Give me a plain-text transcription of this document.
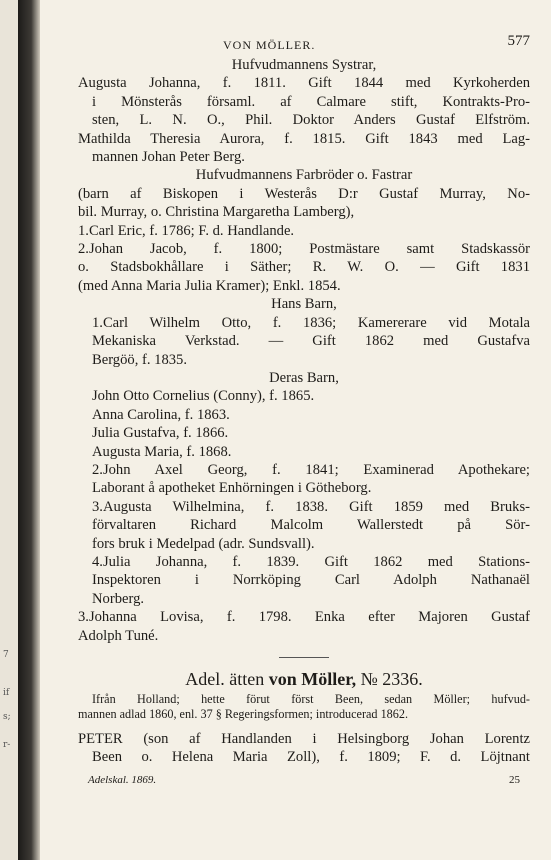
7
if
s;
r-
VON MÖLLER.	577
Hufvudmannens Systrar,
Augusta Johanna, f. 1811. Gift 1844 med Kyrkoherden
i Mönsterås församl. af Calmare stift, Kontrakts-Pro-
sten, L. N. O., Phil. Doktor Anders Gustaf Elfström.
Mathilda Theresia Aurora, f. 1815. Gift 1843 med Lag-
mannen Johan Peter Berg.
Hufvudmannens Farbröder o. Fastrar
(barn af Biskopen i Westerås D:r Gustaf Murray, No-
bil. Murray, o. Christina Margaretha Lamberg),
1.Carl Eric, f. 1786; F. d. Handlande.
2.Johan Jacob, f. 1800; Postmästare samt Stadskassör
o. Stadsbokhållare i Säther; R. W. O. — Gift 1831
(med Anna Maria Julia Kramer); Enkl. 1854.
Hans Barn,
1.Carl Wilhelm Otto, f. 1836; Kamererare vid Motala
Mekaniska Verkstad. — Gift 1862 med Gustafva
Bergöö, f. 1835.
Deras Barn,
John Otto Cornelius (Conny), f. 1865.
Anna Carolina, f. 1863.
Julia Gustafva, f. 1866.
Augusta Maria, f. 1868.
2.John Axel Georg, f. 1841; Examinerad Apothekare;
Laborant å apotheket Enhörningen i Götheborg.
3.Augusta Wilhelmina, f. 1838. Gift 1859 med Bruks-
förvaltaren Richard Malcolm Wallerstedt på Sör-
fors bruk i Medelpad (adr. Sundsvall).
4.Julia Johanna, f. 1839. Gift 1862 med Stations-
Inspektoren i Norrköping Carl Adolph Nathanaël
Norberg.
3.Johanna Lovisa, f. 1798. Enka efter Majoren Gustaf
Adolph Tuné.
Adel. ätten von Möller, № 2336.
Ifrån Holland; hette förut först Been, sedan Möller; hufvud-
mannen adlad 1860, enl. 37 § Regeringsformen; introducerad 1862.
PETER (son af Handlanden i Helsingborg Johan Lorentz
Been o. Helena Maria Zoll), f. 1809; F. d. Löjtnant
Adelskal. 1869.	25
